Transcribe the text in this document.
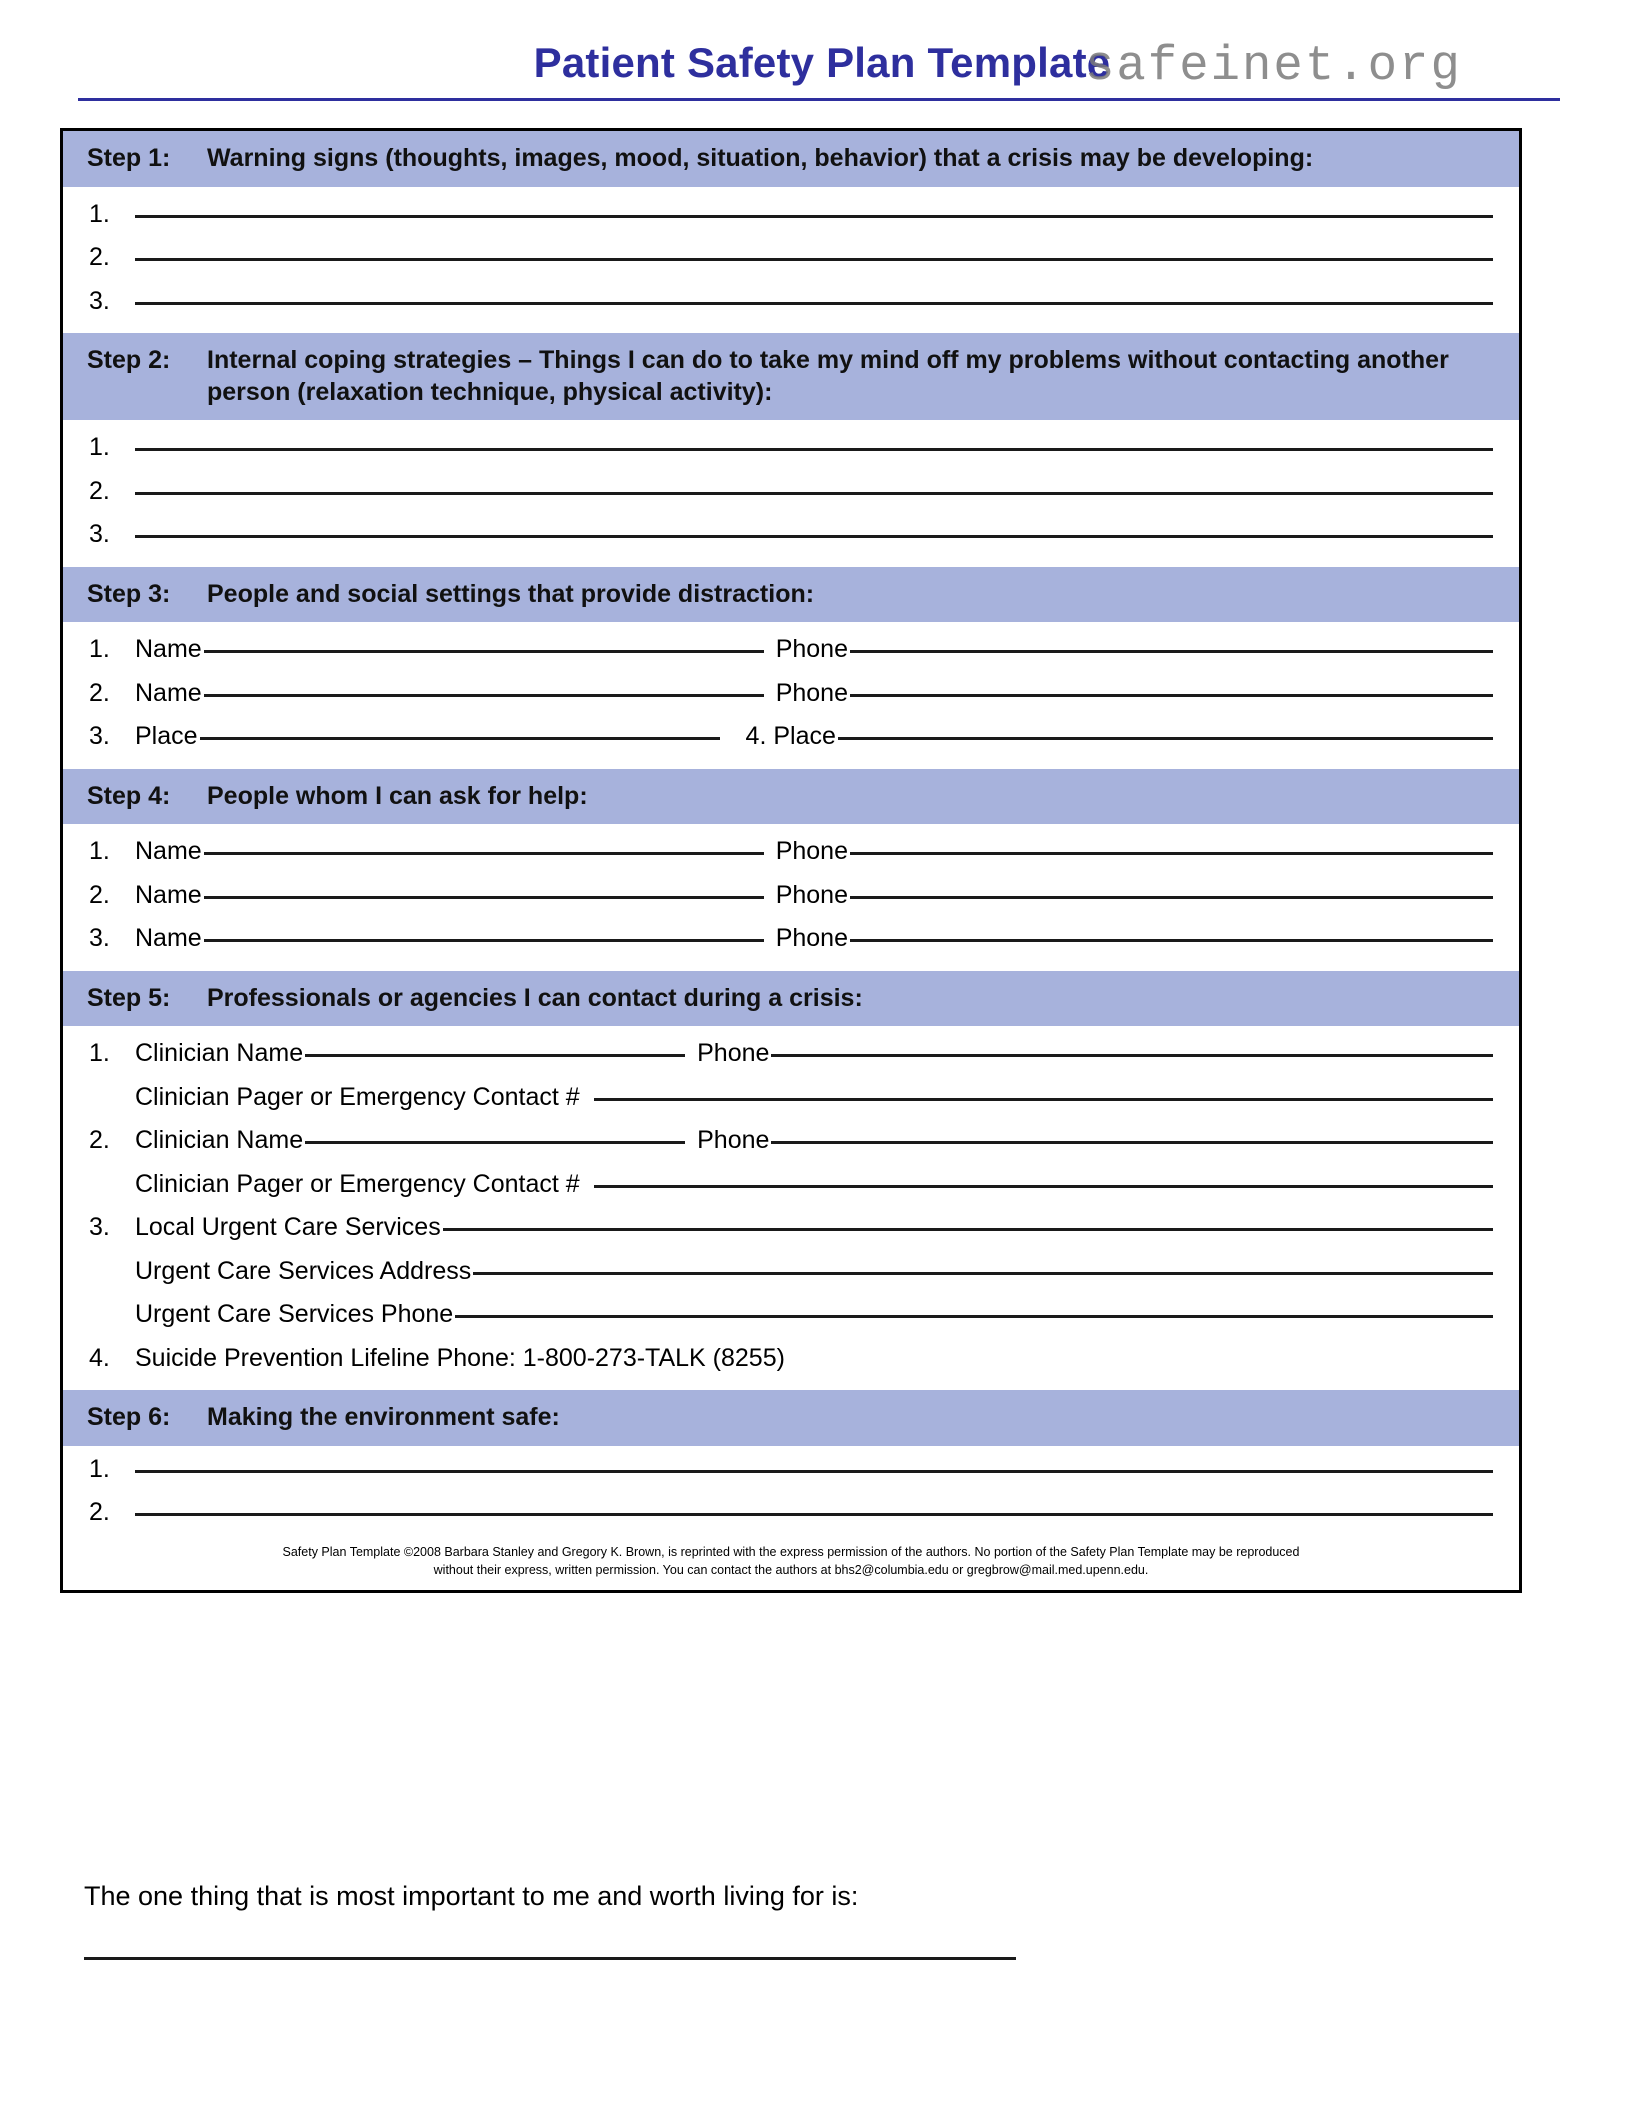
Patient Safety Plan Template
safeinet.org
Step 1:	Warning signs (thoughts, images, mood, situation, behavior) that a crisis may be developing:
1.
2.
3.
Step 2:	Internal coping strategies – Things I can do to take my mind off my problems without contacting another person (relaxation technique, physical activity):
1.
2.
3.
Step 3:	People and social settings that provide distraction:
1.	Name	Phone
2.	Name	Phone
3.	Place	4. Place
Step 4:	People whom I can ask for help:
1.	Name	Phone
2.	Name	Phone
3.	Name	Phone
Step 5:	Professionals or agencies I can contact during a crisis:
1.	Clinician Name	Phone
Clinician Pager or Emergency Contact #
2.	Clinician Name	Phone
Clinician Pager or Emergency Contact #
3.	Local Urgent Care Services
Urgent Care Services Address
Urgent Care Services Phone
4.	Suicide Prevention Lifeline Phone: 1-800-273-TALK (8255)
Step 6:	Making the environment safe:
1.
2.
Safety Plan Template ©2008 Barbara Stanley and Gregory K. Brown, is reprinted with the express permission of the authors. No portion of the Safety Plan Template may be reproduced
without their express, written permission. You can contact the authors at bhs2@columbia.edu or gregbrow@mail.med.upenn.edu.
The one thing that is most important to me and worth living for is:
